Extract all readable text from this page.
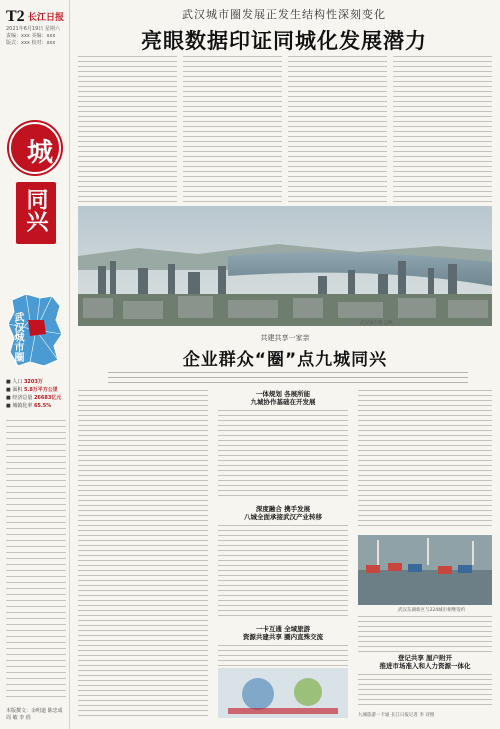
T2 长江日报
2021年6月19日 星期六
责编：xxx 美编：xxx
版式：xxx 校对：xxx
城
同兴
武汉城市圈
■ 人口 3203万
■ 面积 5.8万平方公里
■ 经济总量 26683亿元
■ 城镇化率 65.5%
本版撰文：余明道 陈忠成 周 敏 李 俏
武汉城市圈发展正发生结构性深刻变化
亮眼数据印证同城化发展潜力
武汉城市圈 远眺
共建共享一家亲
企业群众“圈”点九城同兴
一体规划 各展所能
九城协作基础在开发展
深度融合 携手发展
八城全面承接武汉产业转移
一卡互通 全域旅游
资源共建共享 圈内直殊交流
武汉东湖新区与224城市相继签约
登记共享 厘户附开
推进市场准入和人力资源一体化
九城旅游一卡通 长江日报记者 李 诗摄
